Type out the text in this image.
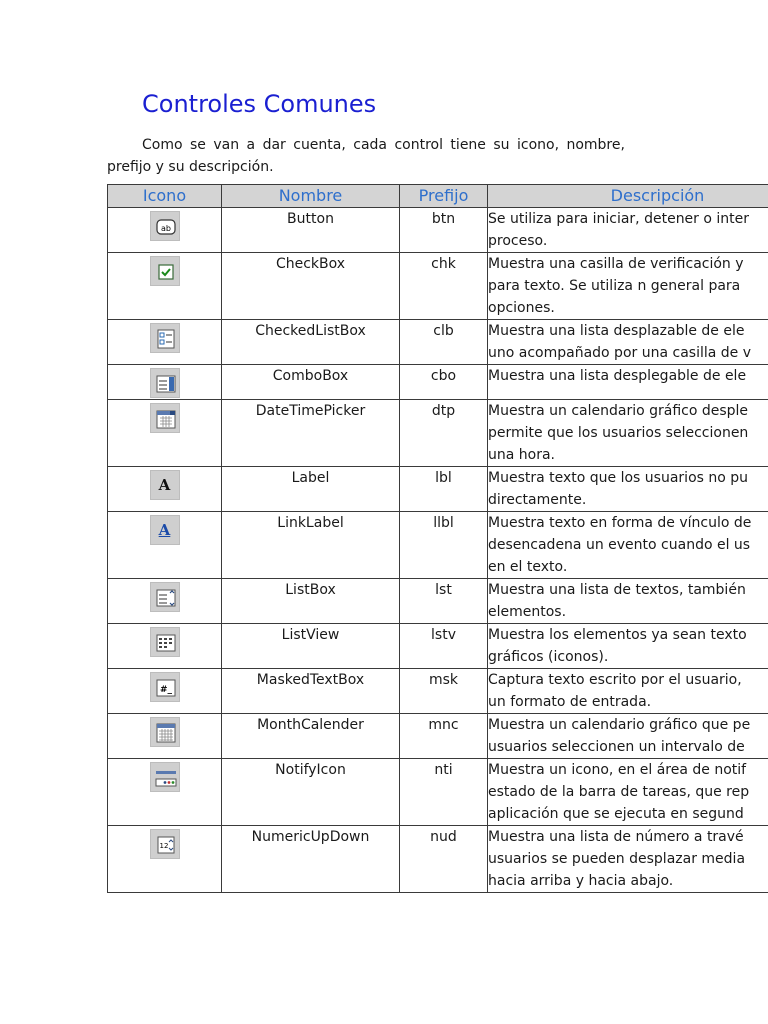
Controles Comunes

Como se van a dar cuenta, cada control tiene su icono, nombre,
prefijo y su descripción.

Icono	Nombre	Prefijo	Descripción

ab	Button	btn	Se utiliza para iniciar, detener o inter
proceso.

	CheckBox	chk	Muestra una casilla de verificación y
para texto. Se utiliza n general para
opciones.

	CheckedListBox	clb	Muestra una lista desplazable de ele
uno acompañado por una casilla de v

	ComboBox	cbo	Muestra una lista desplegable de ele

	DateTimePicker	dtp	Muestra un calendario gráfico desple
permite que los usuarios seleccionen
una hora.

A	Label	lbl	Muestra texto que los usuarios no pu
directamente.

A	LinkLabel	llbl	Muestra texto en forma de vínculo de
desencadena un evento cuando el us
en el texto.

	ListBox	lst	Muestra una lista de textos, también
elementos.

	ListView	lstv	Muestra los elementos ya sean texto
gráficos (iconos).

#_	MaskedTextBox	msk	Captura texto escrito por el usuario,
un formato de entrada.

	MonthCalender	mnc	Muestra un calendario gráfico que pe
usuarios seleccionen un intervalo de

	NotifyIcon	nti	Muestra un icono, en el área de notif
estado de la barra de tareas, que rep
aplicación que se ejecuta en segund

12	NumericUpDown	nud	Muestra una lista de número a travé
usuarios se pueden desplazar media
hacia arriba y hacia abajo.
